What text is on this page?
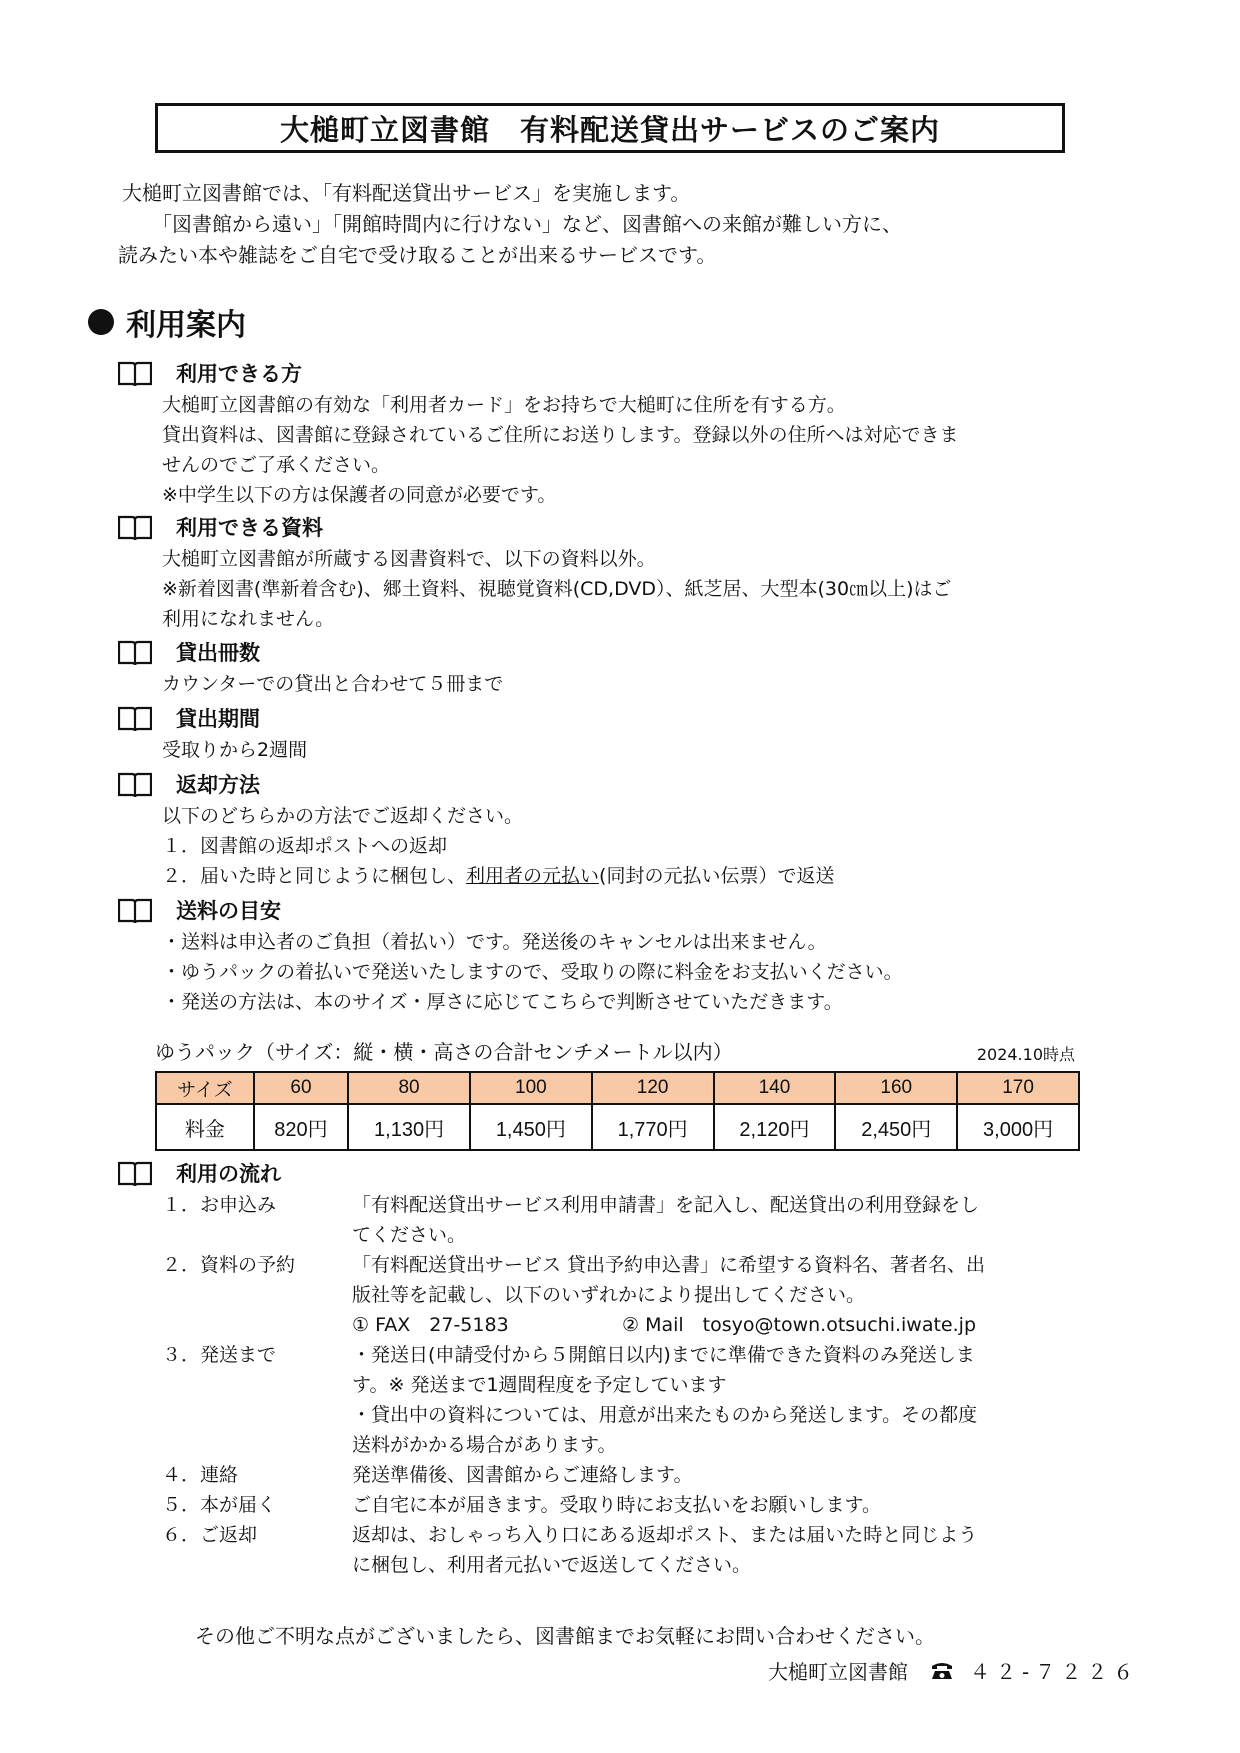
大槌町立図書館　有料配送貸出サービスのご案内
大槌町立図書館では、「有料配送貸出サービス」を実施します。
「図書館から遠い」「開館時間内に行けない」など、図書館への来館が難しい方に、
読みたい本や雑誌をご自宅で受け取ることが出来るサービスです。
利用案内
利用できる方
大槌町立図書館の有効な「利用者カード」をお持ちで大槌町に住所を有する方。
貸出資料は、図書館に登録されているご住所にお送りします。登録以外の住所へは対応できま
せんのでご了承ください。
※中学生以下の方は保護者の同意が必要です。
利用できる資料
大槌町立図書館が所蔵する図書資料で、以下の資料以外。
※新着図書(準新着含む)、郷土資料、視聴覚資料(CD,DVD）、紙芝居、大型本(30㎝以上)はご
利用になれません。
貸出冊数
カウンターでの貸出と合わせて５冊まで
貸出期間
受取りから2週間
返却方法
以下のどちらかの方法でご返却ください。
１．図書館の返却ポストへの返却
２．届いた時と同じように梱包し、利用者の元払い(同封の元払い伝票）で返送
送料の目安
・送料は申込者のご負担（着払い）です。発送後のキャンセルは出来ません。
・ゆうパックの着払いで発送いたしますので、受取りの際に料金をお支払いください。
・発送の方法は、本のサイズ・厚さに応じてこちらで判断させていただきます。
ゆうパック（サイズ：縦・横・高さの合計センチメートル以内）	2024.10時点
サイズ	60	80	100	120	140	160	170
料金	820円	1,130円	1,450円	1,770円	2,120円	2,450円	3,000円
利用の流れ
１．お申込み	「有料配送貸出サービス利用申請書」を記入し、配送貸出の利用登録をし
てください。
２．資料の予約	「有料配送貸出サービス 貸出予約申込書」に希望する資料名、著者名、出
版社等を記載し、以下のいずれかにより提出してください。
① FAX　27-5183	② Mail　tosyo@town.otsuchi.iwate.jp
３．発送まで	・発送日(申請受付から５開館日以内)までに準備できた資料のみ発送しま
す。※ 発送まで1週間程度を予定しています
・貸出中の資料については、用意が出来たものから発送します。その都度
送料がかかる場合があります。
４．連絡	発送準備後、図書館からご連絡します。
５．本が届く	ご自宅に本が届きます。受取り時にお支払いをお願いします。
６．ご返却	返却は、おしゃっち入り口にある返却ポスト、または届いた時と同じよう
に梱包し、利用者元払いで返送してください。
その他ご不明な点がございましたら、図書館までお気軽にお問い合わせください。
大槌町立図書館	４２-７２２６
